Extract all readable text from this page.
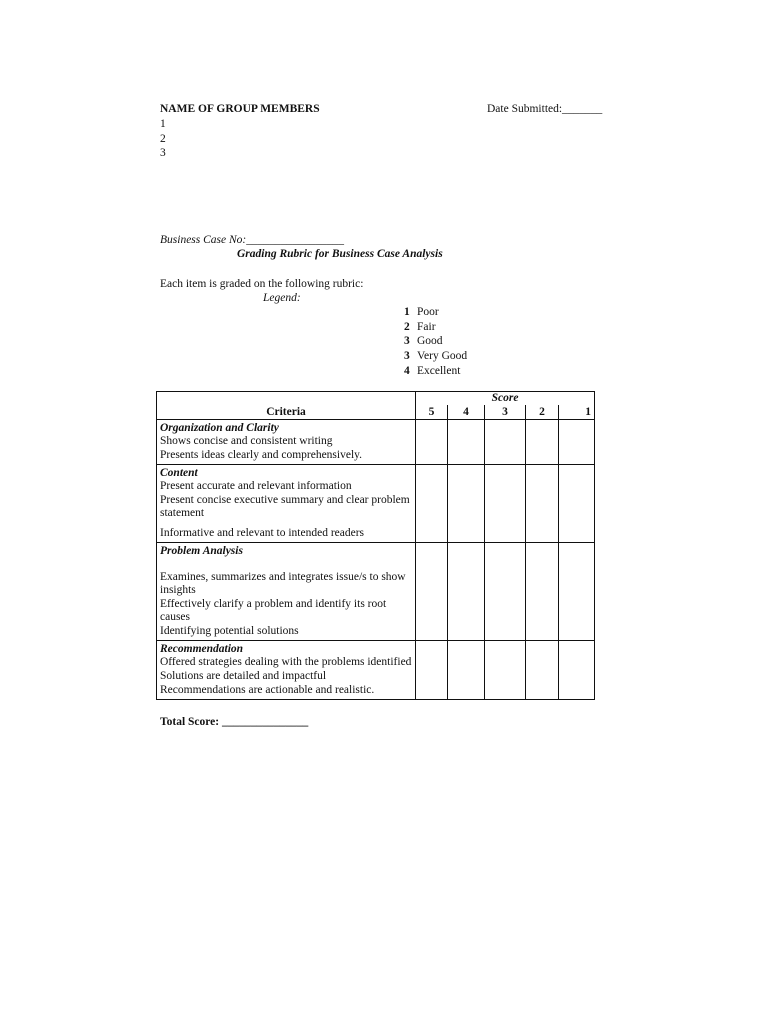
NAME OF GROUP MEMBERS	Date Submitted:_______
1
2
3
Business Case No:_________________
Grading Rubric for Business Case Analysis
Each item is graded on the following rubric:
Legend:
1 Poor
2 Fair
3 Good
3 Very Good
4 Excellent
Criteria	Score				
	5	4	3	2	1

Organization and Clarity
Shows concise and consistent writing
Presents ideas clearly and comprehensively.					

Content
Present accurate and relevant information
Present concise executive summary and clear problem statement
Informative and relevant to intended readers					

Problem Analysis
Examines, summarizes and integrates issue/s to show insights
Effectively clarify a problem and identify its root causes
Identifying potential solutions					

Recommendation
Offered strategies dealing with the problems identified
Solutions are detailed and impactful
Recommendations are actionable and realistic.					

Total Score: _______________
